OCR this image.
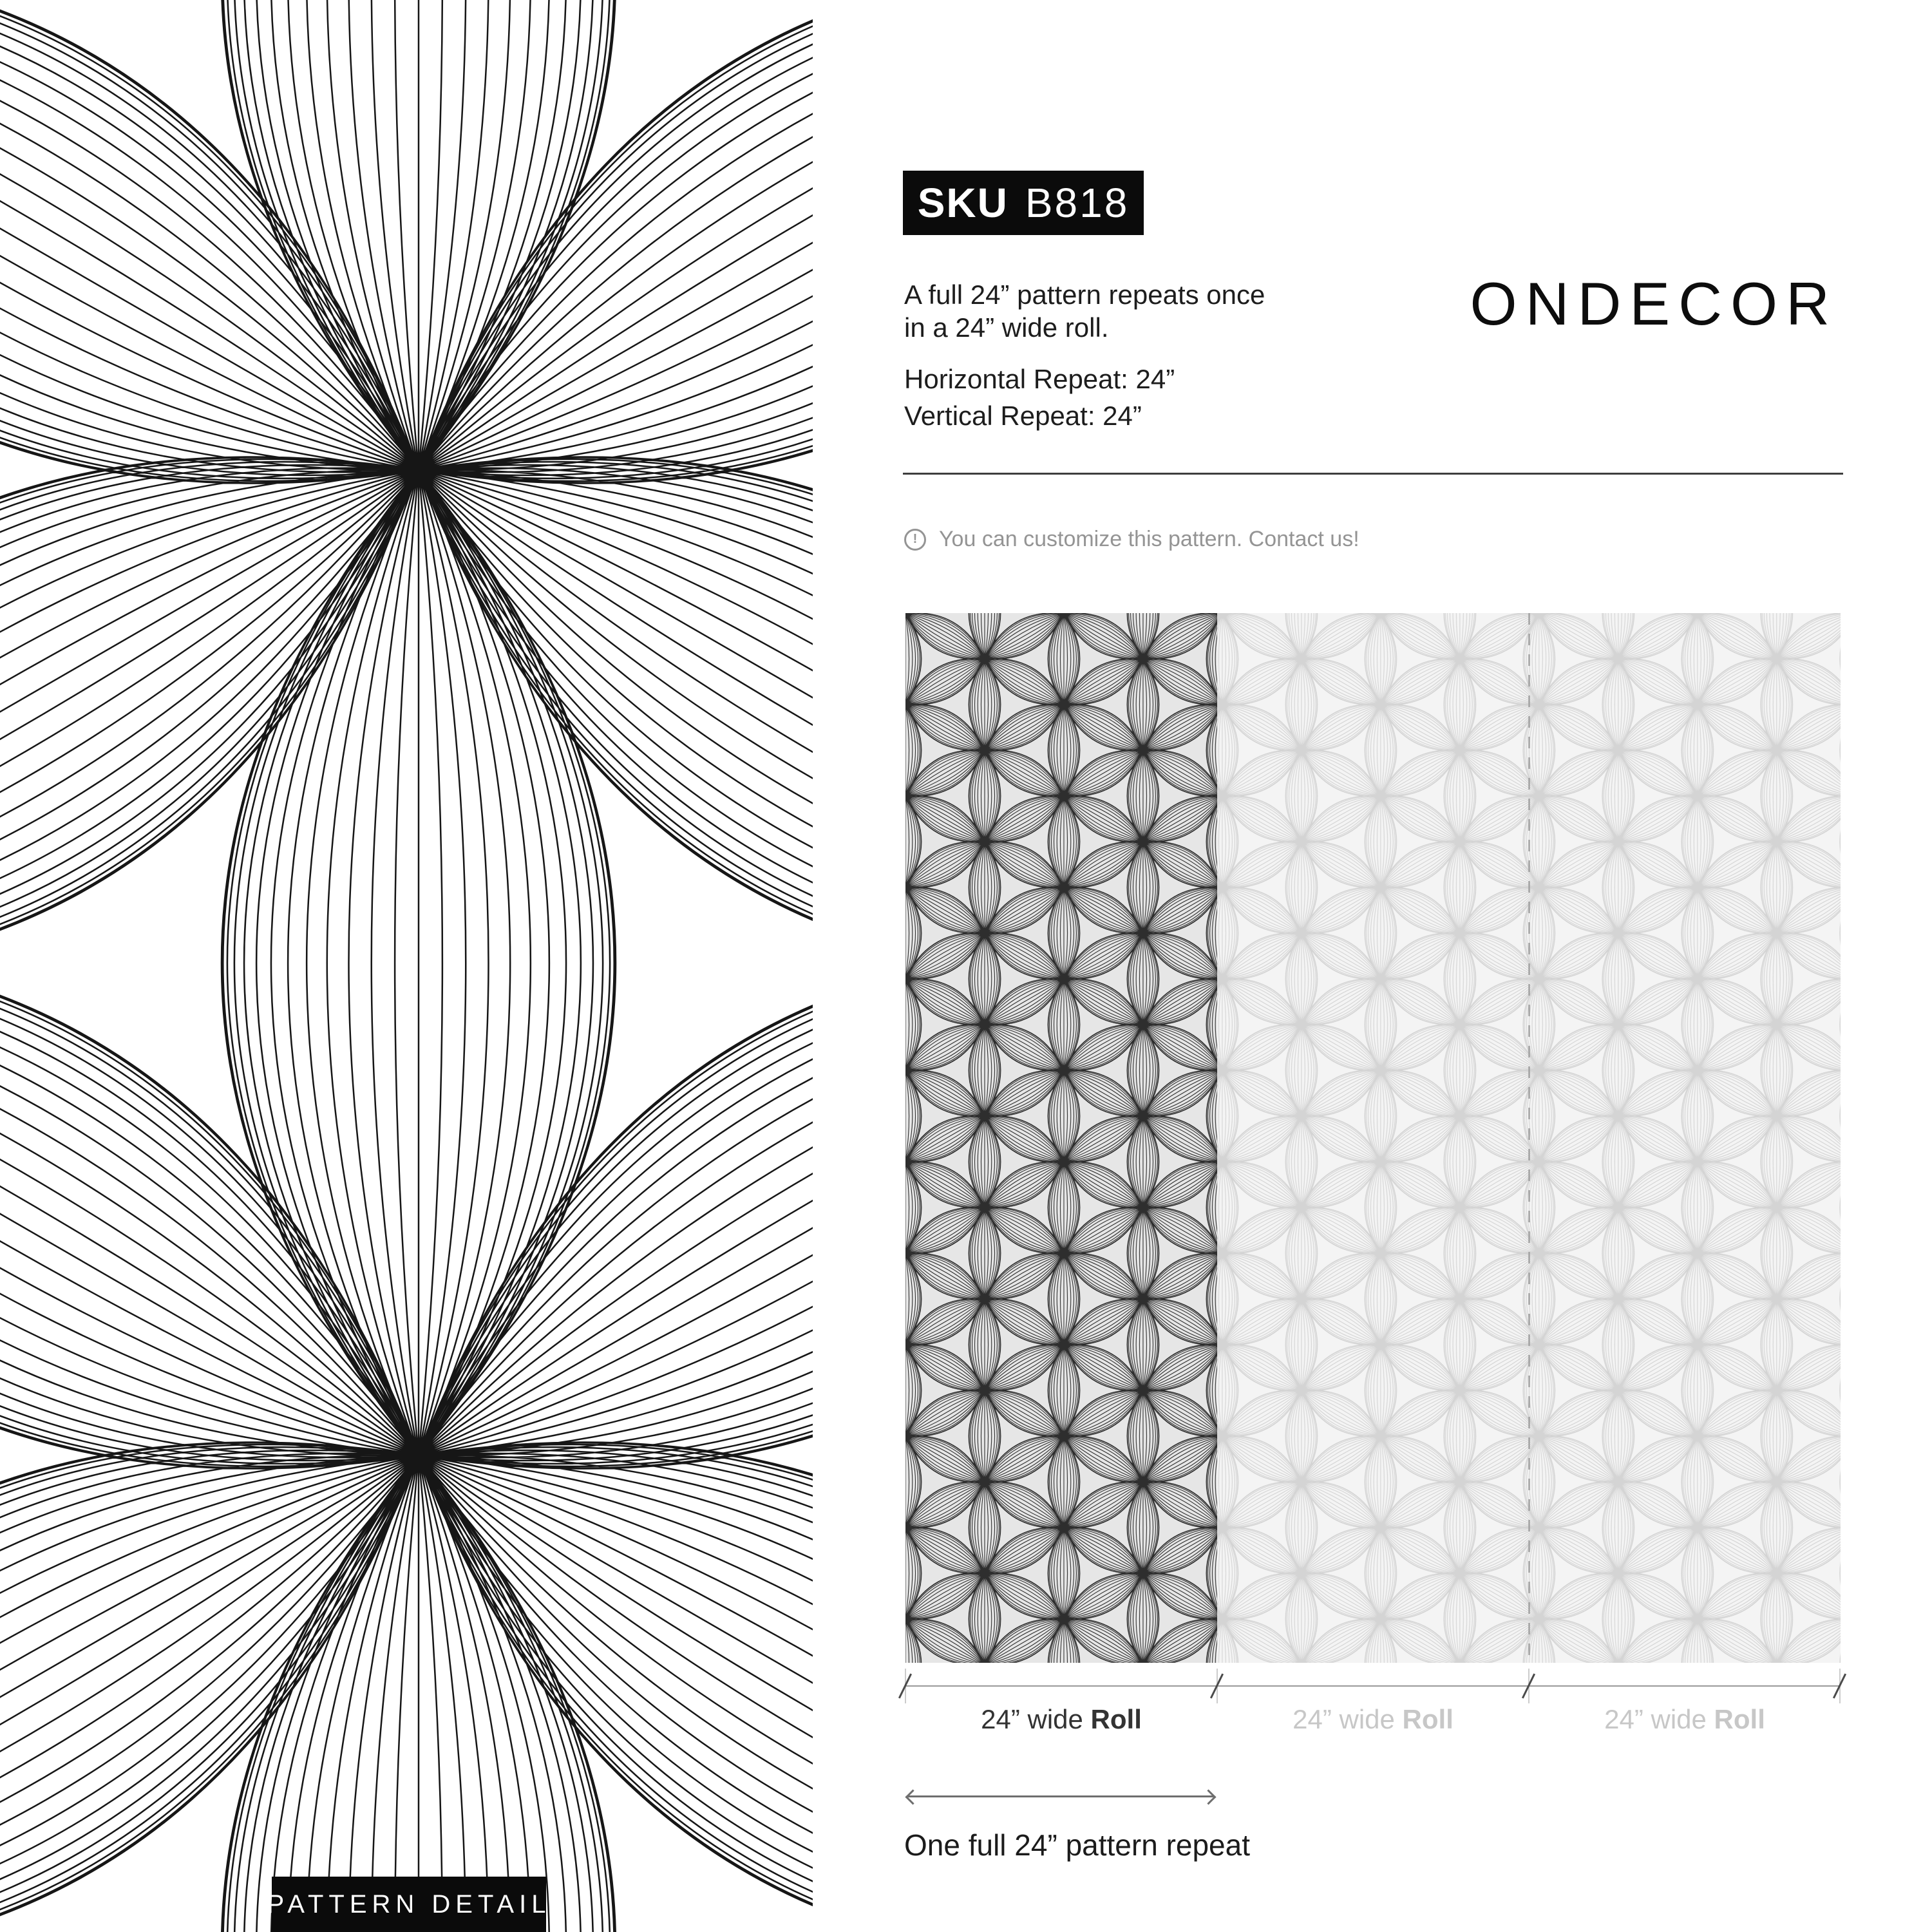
PATTERN DETAIL
SKU B818
A full 24” pattern repeats once
in a 24” wide roll.
Horizontal Repeat: 24”
Vertical Repeat: 24”
ONDECOR
! You can customize this pattern. Contact us!
24” wide Roll	24” wide Roll	24” wide Roll
One full 24” pattern repeat
